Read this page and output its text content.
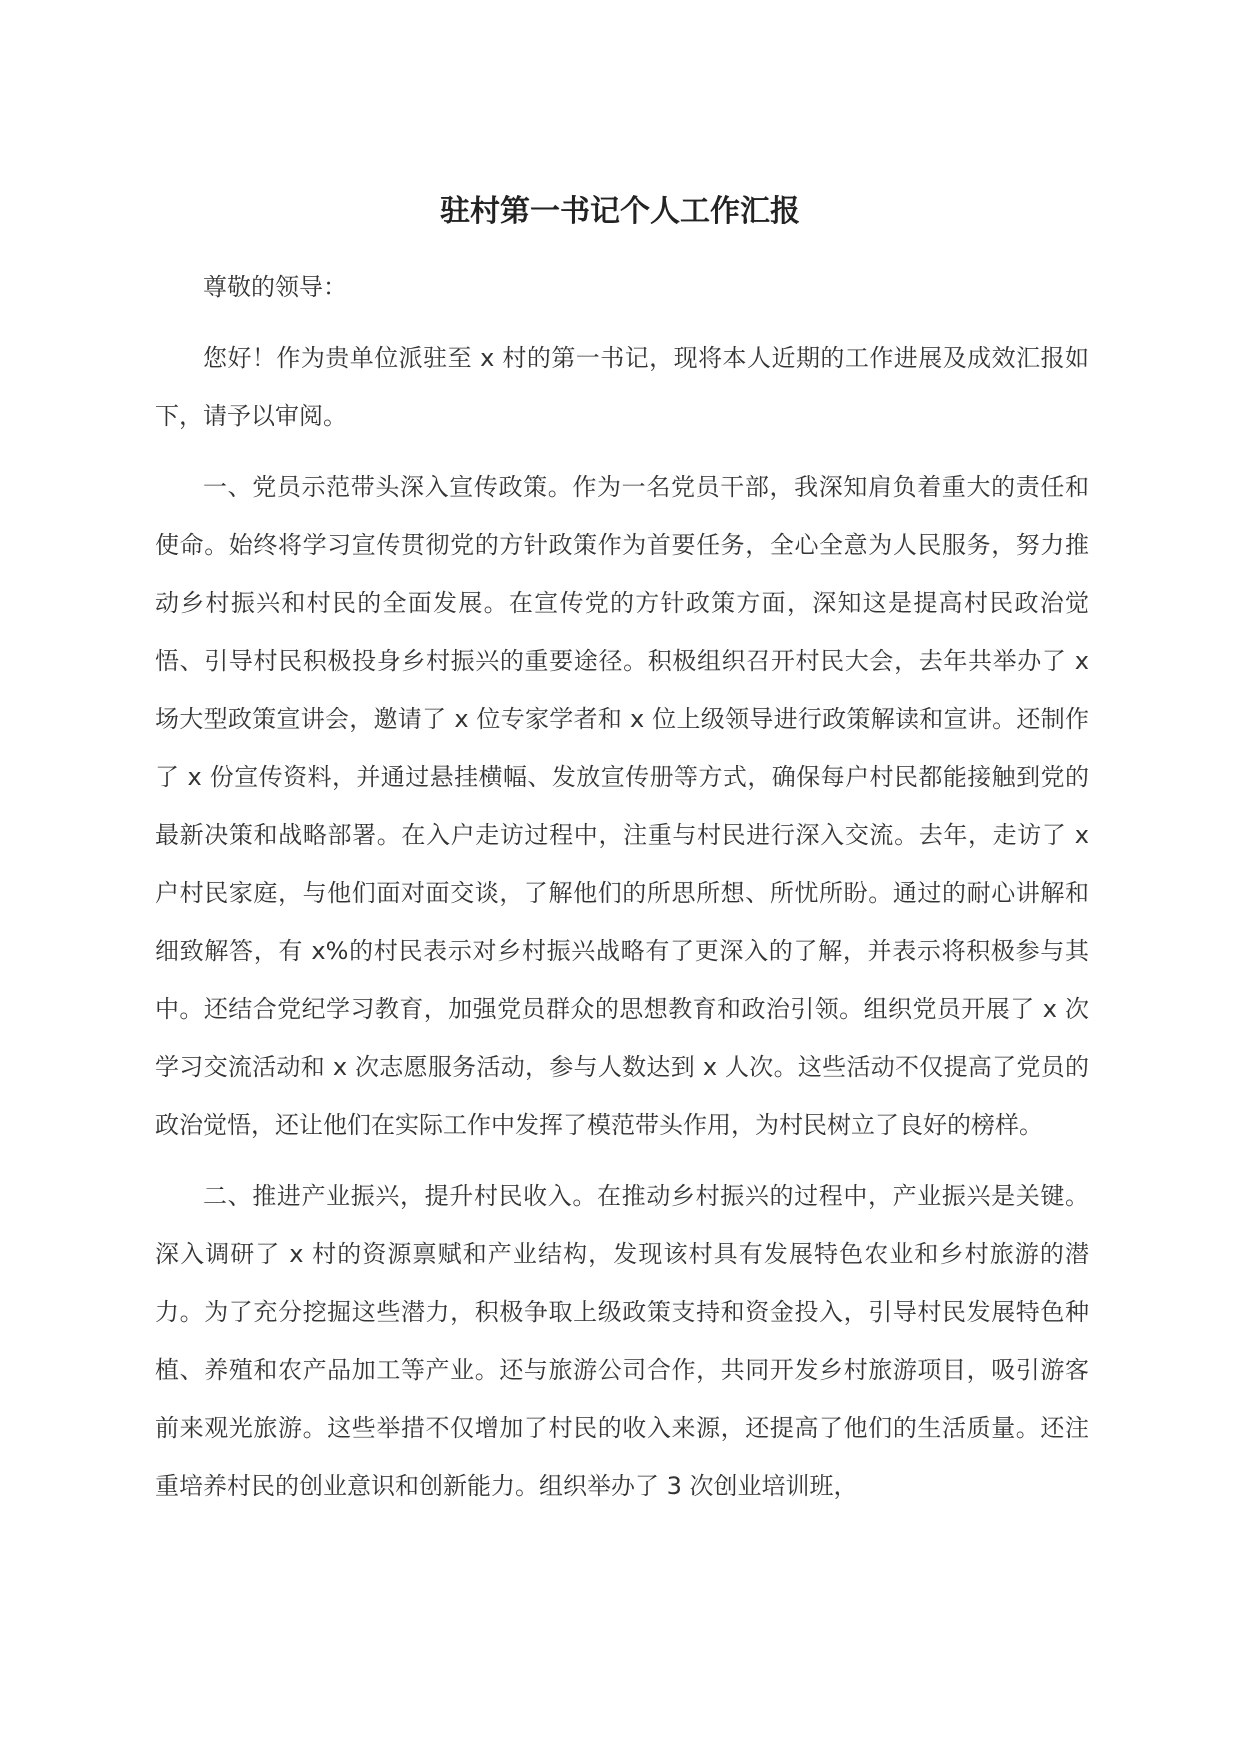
驻村第一书记个人工作汇报

尊敬的领导：

您好！作为贵单位派驻至 x 村的第一书记，现将本人近期的工作进展及成效汇报如下，请予以审阅。

一、党员示范带头深入宣传政策。作为一名党员干部，我深知肩负着重大的责任和使命。始终将学习宣传贯彻党的方针政策作为首要任务，全心全意为人民服务，努力推动乡村振兴和村民的全面发展。在宣传党的方针政策方面，深知这是提高村民政治觉悟、引导村民积极投身乡村振兴的重要途径。积极组织召开村民大会，去年共举办了 x 场大型政策宣讲会，邀请了 x 位专家学者和 x 位上级领导进行政策解读和宣讲。还制作了 x 份宣传资料，并通过悬挂横幅、发放宣传册等方式，确保每户村民都能接触到党的最新决策和战略部署。在入户走访过程中，注重与村民进行深入交流。去年，走访了 x 户村民家庭，与他们面对面交谈，了解他们的所思所想、所忧所盼。通过的耐心讲解和细致解答，有 x%的村民表示对乡村振兴战略有了更深入的了解，并表示将积极参与其中。还结合党纪学习教育，加强党员群众的思想教育和政治引领。组织党员开展了 x 次学习交流活动和 x 次志愿服务活动，参与人数达到 x 人次。这些活动不仅提高了党员的政治觉悟，还让他们在实际工作中发挥了模范带头作用，为村民树立了良好的榜样。

二、推进产业振兴，提升村民收入。在推动乡村振兴的过程中，产业振兴是关键。深入调研了 x 村的资源禀赋和产业结构，发现该村具有发展特色农业和乡村旅游的潜力。为了充分挖掘这些潜力，积极争取上级政策支持和资金投入，引导村民发展特色种植、养殖和农产品加工等产业。还与旅游公司合作，共同开发乡村旅游项目，吸引游客前来观光旅游。这些举措不仅增加了村民的收入来源，还提高了他们的生活质量。还注重培养村民的创业意识和创新能力。组织举办了 3 次创业培训班，
